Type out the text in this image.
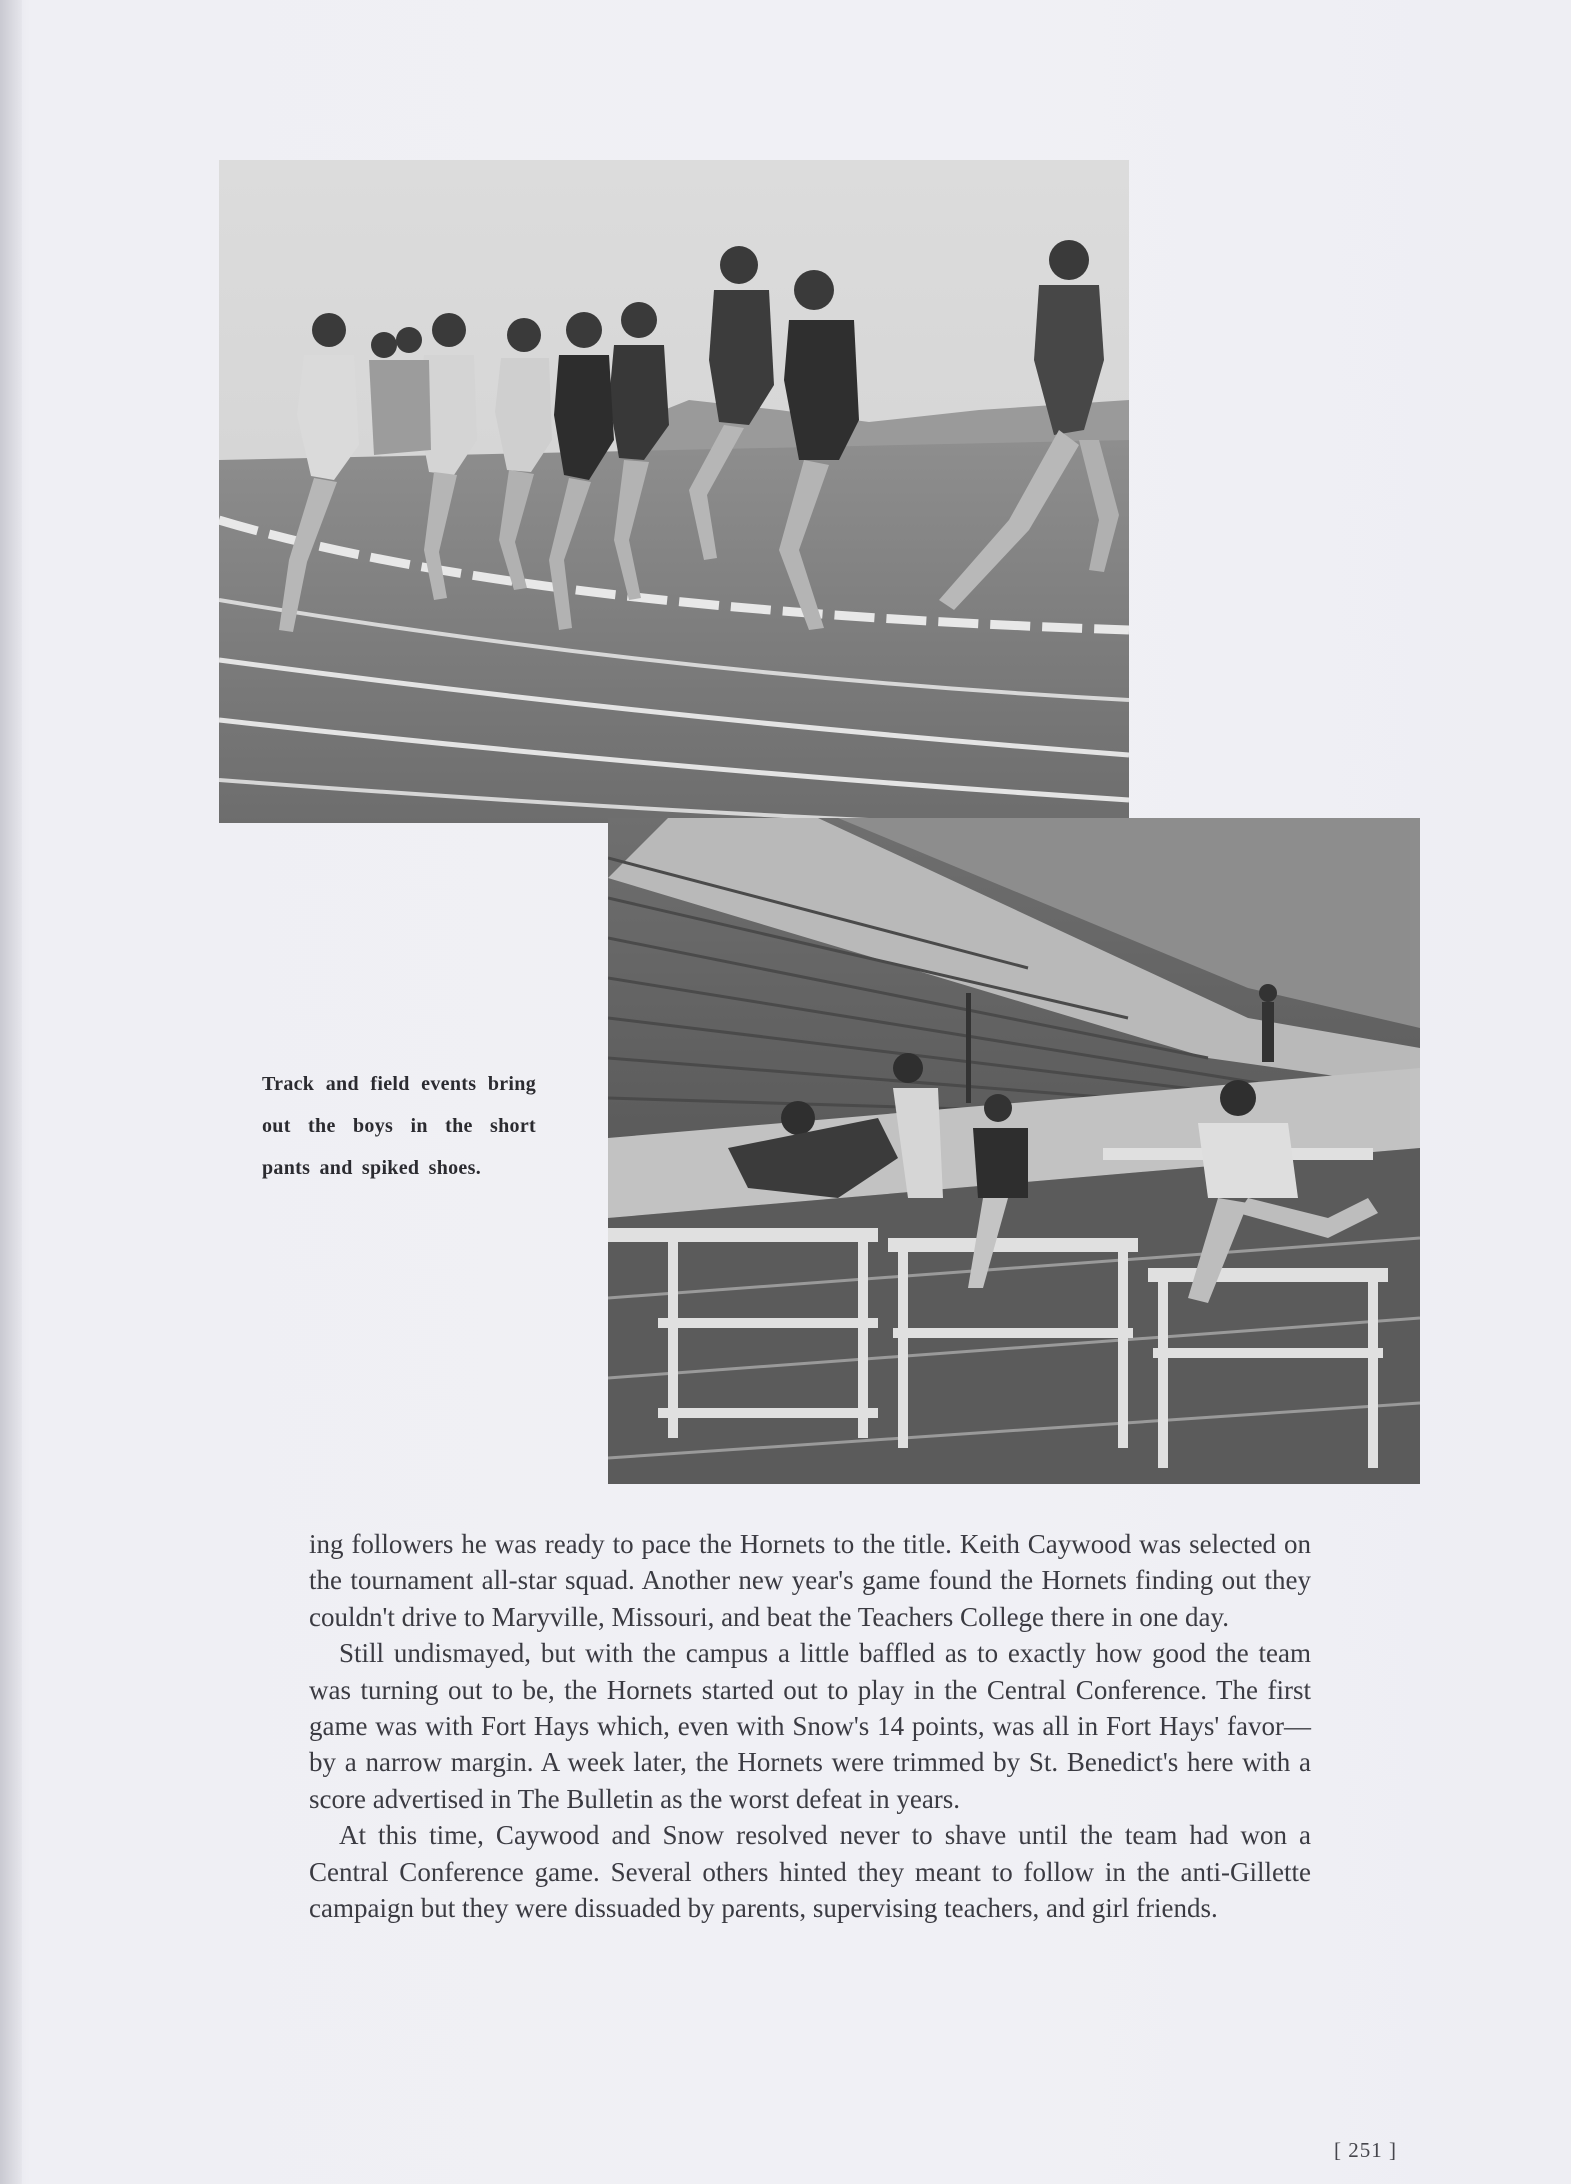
Track and field events bring out the boys in the short pants and spiked shoes.

ing followers he was ready to pace the Hornets to the title. Keith Caywood was selected on the tournament all-star squad. Another new year's game found the Hornets finding out they couldn't drive to Maryville, Missouri, and beat the Teachers College there in one day.

Still undismayed, but with the campus a little baffled as to exactly how good the team was turning out to be, the Hornets started out to play in the Central Conference. The first game was with Fort Hays which, even with Snow's 14 points, was all in Fort Hays' favor—by a narrow margin. A week later, the Hornets were trimmed by St. Benedict's here with a score advertised in The Bulletin as the worst defeat in years.

At this time, Caywood and Snow resolved never to shave until the team had won a Central Conference game. Several others hinted they meant to follow in the anti-Gillette campaign but they were dissuaded by parents, supervising teachers, and girl friends.

[ 251 ]
